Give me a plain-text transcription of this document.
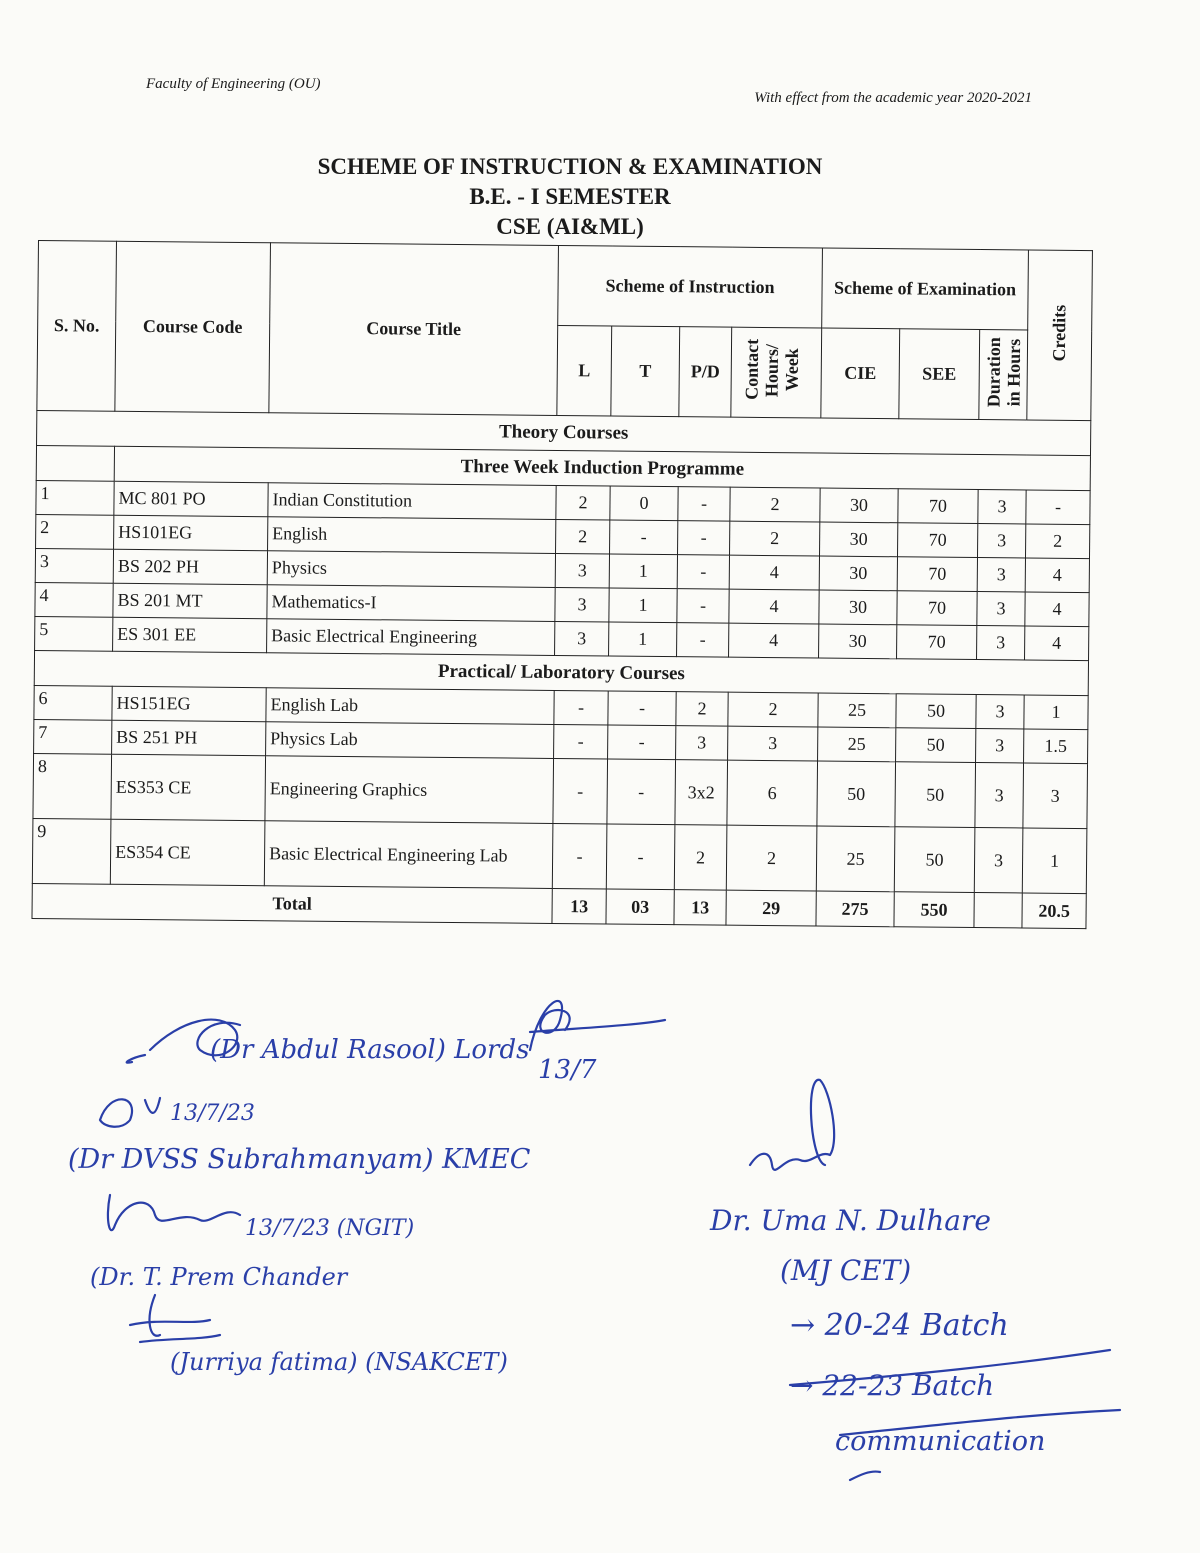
Faculty of Engineering (OU)
With effect from the academic year 2020-2021
SCHEME OF INSTRUCTION & EXAMINATION
B.E. - I SEMESTER
CSE (AI&ML)
S. No.	Course Code	Course Title	Scheme of Instruction				Scheme of Examination			Credits
			L	T	P/D	Contact Hours/ Week	CIE	SEE	Duration in Hours	
Theory Courses										
	Three Week Induction Programme									
1	MC 801 PO	Indian Constitution	2	0	-	2	30	70	3	-
2	HS101EG	English	2	-	-	2	30	70	3	2
3	BS 202 PH	Physics	3	1	-	4	30	70	3	4
4	BS 201 MT	Mathematics-I	3	1	-	4	30	70	3	4
5	ES 301 EE	Basic Electrical Engineering	3	1	-	4	30	70	3	4
Practical/ Laboratory Courses										
6	HS151EG	English Lab	-	-	2	2	25	50	3	1
7	BS 251 PH	Physics Lab	-	-	3	3	25	50	3	1.5
8	ES353 CE	Engineering Graphics	-	-	3x2	6	50	50	3	3
9	ES354 CE	Basic Electrical Engineering Lab	-	-	2	2	25	50	3	1
Total			13	03	13	29	275	550		20.5
(Dr Abdul Rasool) Lords
13/7/23
(Dr DVSS Subrahmanyam) KMEC
13/7/23 (NGIT)
(Dr. T. Prem Chander
(Jurriya fatima) (NSAKCET)
13/7
Dr. Uma N. Dulhare
(MJ CET)
→ 20-24 Batch
→ 22-23 Batch
communication
